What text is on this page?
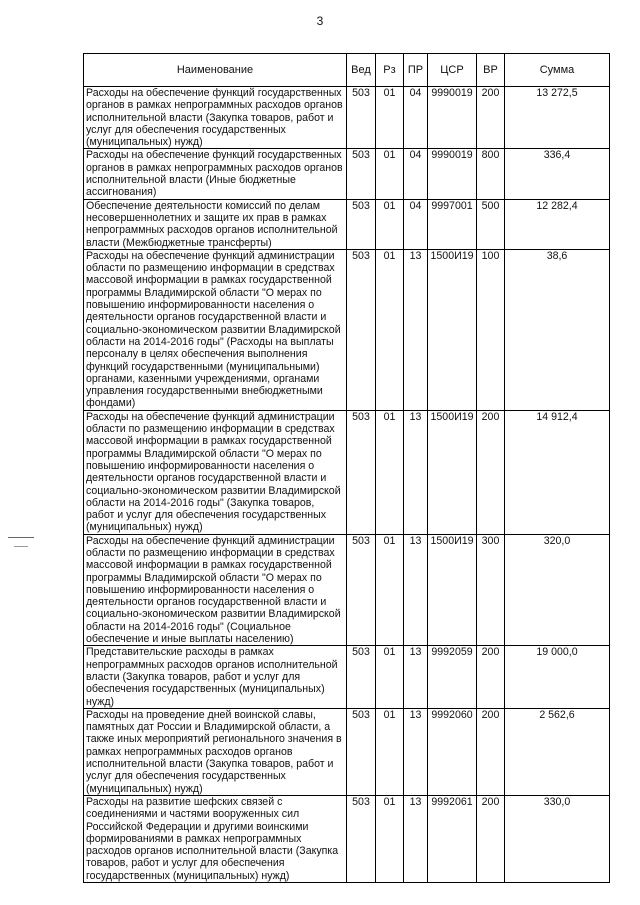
3
Наименование	Вед	Рз	ПР	ЦСР	ВР	Сумма
Расходы на обеспечение функций государственных органов в рамках непрограммных расходов органов исполнительной власти (Закупка товаров, работ и услуг для обеспечения государственных (муниципальных) нужд)	503	01	04	9990019	200	13 272,5
Расходы на обеспечение функций государственных органов в рамках непрограммных расходов органов исполнительной власти (Иные бюджетные ассигнования)	503	01	04	9990019	800	336,4
Обеспечение деятельности комиссий по делам несовершеннолетних и защите их прав в рамках непрограммных расходов органов исполнительной власти (Межбюджетные трансферты)	503	01	04	9997001	500	12 282,4
Расходы на обеспечение функций администрации области по размещению информации в средствах массовой информации в рамках государственной программы Владимирской области "О мерах по повышению информированности населения о деятельности органов государственной власти и социально-экономическом развитии Владимирской области на 2014-2016 годы" (Расходы на выплаты персоналу в целях обеспечения выполнения функций государственными (муниципальными) органами, казенными учреждениями, органами управления государственными внебюджетными фондами)	503	01	13	1500И19	100	38,6
Расходы на обеспечение функций администрации области по размещению информации в средствах массовой информации в рамках государственной программы Владимирской области "О мерах по повышению информированности населения о деятельности органов государственной власти и социально-экономическом развитии Владимирской области на 2014-2016 годы" (Закупка товаров, работ и услуг для обеспечения государственных (муниципальных) нужд)	503	01	13	1500И19	200	14 912,4
Расходы на обеспечение функций администрации области по размещению информации в средствах массовой информации в рамках государственной программы Владимирской области "О мерах по повышению информированности населения о деятельности органов государственной власти и социально-экономическом развитии Владимирской области на 2014-2016 годы" (Социальное обеспечение и иные выплаты населению)	503	01	13	1500И19	300	320,0
Представительские расходы в рамках непрограммных расходов органов исполнительной власти (Закупка товаров, работ и услуг для обеспечения государственных (муниципальных) нужд)	503	01	13	9992059	200	19 000,0
Расходы на проведение дней воинской славы, памятных дат России и Владимирской области, а также иных мероприятий регионального значения в рамках непрограммных расходов органов исполнительной власти (Закупка товаров, работ и услуг для обеспечения государственных (муниципальных) нужд)	503	01	13	9992060	200	2 562,6
Расходы на развитие шефских связей с соединениями и частями вооруженных сил Российской Федерации и другими воинскими формированиями в рамках непрограммных расходов органов исполнительной власти (Закупка товаров, работ и услуг для обеспечения государственных (муниципальных) нужд)	503	01	13	9992061	200	330,0
